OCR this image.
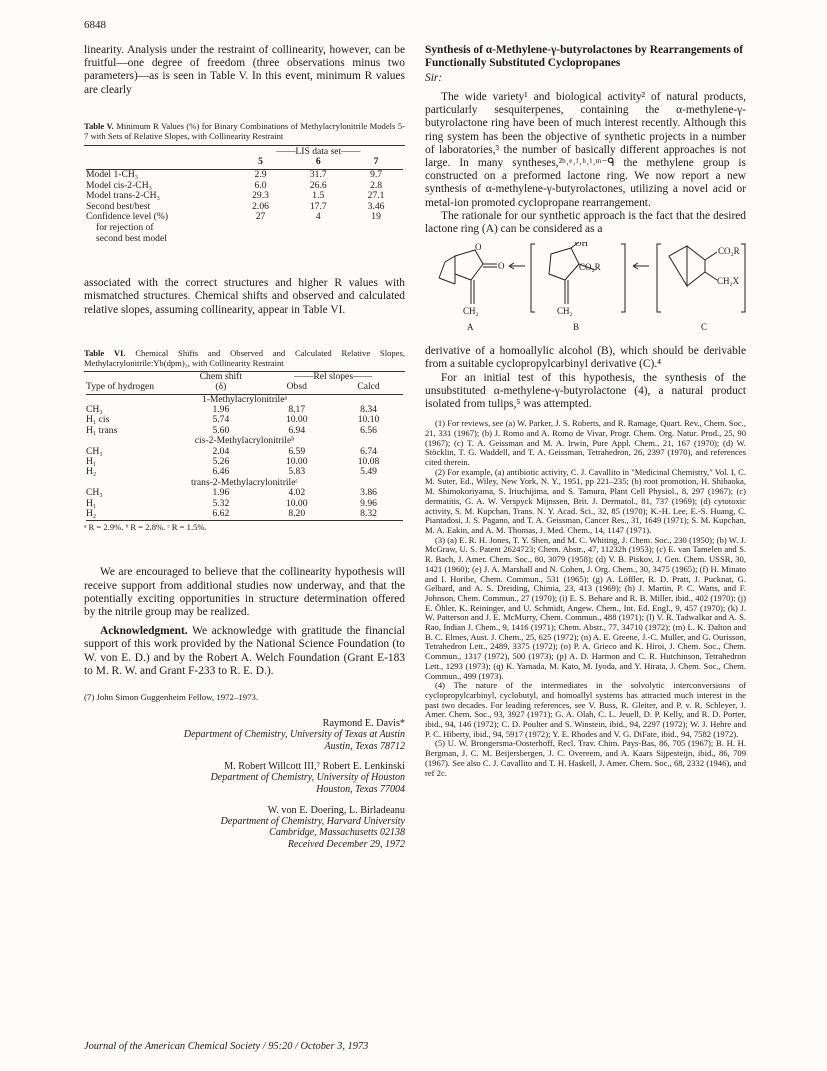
6848

linearity. Analysis under the restraint of collinearity, however, can be fruitful—one degree of freedom (three observations minus two parameters)—as is seen in Table V. In this event, minimum R values are clearly

Table V. Minimum R Values (%) for Binary Combinations of Methylacrylonitrile Models 5-7 with Sets of Relative Slopes, with Collinearity Restraint

	——LIS data set——		
	5	6	7

Model 1-CH₃	2.9	31.7	9.7
Model cis-2-CH₃	6.0	26.6	2.8
Model trans-2-CH₃	29.3	1.5	27.1
Second best/best	2.06	17.7	3.46
Confidence level (%)	27	4	19
for rejection of			
second best model			

associated with the correct structures and higher R values with mismatched structures. Chemical shifts and observed and calculated relative slopes, assuming collinearity, appear in Table VI.

Table VI. Chemical Shifts and Observed and Calculated Relative Slopes, Methylacrylonitrile:Yb(dpm)₃, with Collinearity Restraint

	Chem shift	——Rel slopes——	
Type of hydrogen	(δ)	Obsd	Calcd

1-Methylacrylonitrileᵃ			
CH₃	1.96	8.17	8.34
H₁ cis	5.74	10.00	10.10
H₁ trans	5.60	6.94	6.56
cis-2-Methylacrylonitrileᵇ			
CH₃	2.04	6.59	6.74
H₁	5.26	10.00	10.08
H₂	6.46	5.83	5.49
trans-2-Methylacrylonitrileᶜ			
CH₃	1.96	4.02	3.86
H₁	5.32	10.00	9.96
H₂	6.62	8.20	8.32

ᵃ R = 2.9%. ᵇ R = 2.8%. ᶜ R = 1.5%.

We are encouraged to believe that the collinearity hypothesis will receive support from additional studies now underway, and that the potentially exciting opportunities in structure determination offered by the nitrile group may be realized.

Acknowledgment. We acknowledge with gratitude the financial support of this work provided by the National Science Foundation (to W. von E. D.) and by the Robert A. Welch Foundation (Grant E-183 to M. R. W. and Grant F-233 to R. E. D.).

(7) John Simon Guggenheim Fellow, 1972–1973.

Raymond E. Davis*
Department of Chemistry, University of Texas at Austin
Austin, Texas 78712
M. Robert Willcott III,⁷ Robert E. Lenkinski
Department of Chemistry, University of Houston
Houston, Texas 77004
W. von E. Doering, L. Birladeanu
Department of Chemistry, Harvard University
Cambridge, Massachusetts 02138
Received December 29, 1972
Synthesis of α-Methylene-γ-butyrolactones by Rearrangements of Functionally Substituted Cyclopropanes
Sir:

The wide variety¹ and biological activity² of natural products, particularly sesquiterpenes, containing the α-methylene-γ-butyrolactone ring have been of much interest recently. Although this ring system has been the objective of synthetic projects in a number of laboratories,³ the number of basically different approaches is not large. In many syntheses,²ᵇ˒ᵉ˒ᶠ˒ʰ˒ⁱ˒ᵐ⁻ᑫ the methylene group is constructed on a preformed lactone ring. We now report a new synthesis of α-methylene-γ-butyrolactones, utilizing a novel acid or metal-ion promoted cyclopropane rearrangement.

The rationale for our synthetic approach is the fact that the desired lactone ring (A) can be considered as a

O
O
OH
CO₂R
CO₂R
CH₂X
CH₂	CH₂
A	B	C

derivative of a homoallylic alcohol (B), which should be derivable from a suitable cyclopropylcarbinyl derivative (C).⁴

For an initial test of this hypothesis, the synthesis of the unsubstituted α-methylene-γ-butyrolactone (4), a natural product isolated from tulips,⁵ was attempted.

(1) For reviews, see (a) W. Parker, J. S. Roberts, and R. Ramage, Quart. Rev., Chem. Soc., 21, 331 (1967); (b) J. Romo and A. Romo de Vivar, Progr. Chem. Org. Natur. Prod., 25, 90 (1967); (c) T. A. Geissman and M. A. Irwin, Pure Appl. Chem., 21, 167 (1970); (d) W. Stöcklin, T. G. Waddell, and T. A. Geissman, Tetrahedron, 26, 2397 (1970), and references cited therein.

(2) For example, (a) antibiotic activity, C. J. Cavallito in "Medicinal Chemistry," Vol. I, C. M. Suter, Ed., Wiley, New York, N. Y., 1951, pp 221–235; (b) root promotion, H. Shibaoka, M. Shimokoriyama, S. Iriuchijima, and S. Tamura, Plant Cell Physiol., 8, 297 (1967); (c) dermatitis, G. A. W. Verspyck Mijnssen, Brit. J. Dermatol., 81, 737 (1969); (d) cytotoxic activity, S. M. Kupchan, Trans. N. Y. Acad. Sci., 32, 85 (1970); K.-H. Lee, E.-S. Huang, C. Piantadosi, J. S. Pagano, and T. A. Geissman, Cancer Res., 31, 1649 (1971); S. M. Kupchan, M. A. Eakin, and A. M. Thomas, J. Med. Chem., 14, 1147 (1971).

(3) (a) E. R. H. Jones, T. Y. Shen, and M. C. Whiting, J. Chem. Soc., 230 (1950); (b) W. J. McGraw, U. S. Patent 2624723; Chem. Abstr., 47, 11232h (1953); (c) E. van Tamelen and S. R. Bach, J. Amer. Chem. Soc., 80, 3079 (1958); (d) V. B. Piskov, J. Gen. Chem. USSR, 30, 1421 (1960); (e) J. A. Marshall and N. Cohen, J. Org. Chem., 30, 3475 (1965); (f) H. Minato and I. Horibe, Chem. Commun., 531 (1965); (g) A. Löffler, R. D. Pratt, J. Pucknat, G. Gelbard, and A. S. Dreiding, Chimia, 23, 413 (1969); (h) J. Martin, P. C. Watts, and F. Johnson, Chem. Commun., 27 (1970); (i) E. S. Behare and R. B. Miller, ibid., 402 (1970); (j) E. Öhler, K. Reininger, and U. Schmidt, Angew. Chem., Int. Ed. Engl., 9, 457 (1970); (k) J. W. Patterson and J. E. McMurry, Chem. Commun., 488 (1971); (l) V. R. Tadwalkar and A. S. Rao, Indian J. Chem., 9, 1416 (1971); Chem. Abstr., 77, 34710 (1972); (m) L. K. Dalton and B. C. Elmes, Aust. J. Chem., 25, 625 (1972); (n) A. E. Greene, J.-C. Muller, and G. Ourisson, Tetrahedron Lett., 2489, 3375 (1972); (o) P. A. Grieco and K. Hiroi, J. Chem. Soc., Chem. Commun., 1317 (1972), 500 (1973); (p) A. D. Harmon and C. R. Hutchinson, Tetrahedron Lett., 1293 (1973); (q) K. Yamada, M. Kato, M. Iyoda, and Y. Hirata, J. Chem. Soc., Chem. Commun., 499 (1973).

(4) The nature of the intermediates in the solvolytic interconversions of cyclopropylcarbinyl, cyclobutyl, and homoallyl systems has attracted much interest in the past two decades. For leading references, see V. Buss, R. Gleiter, and P. v. R. Schleyer, J. Amer. Chem. Soc., 93, 3927 (1971); G. A. Olah, C. L. Jeuell, D. P. Kelly, and R. D. Porter, ibid., 94, 146 (1972); C. D. Poulter and S. Winstein, ibid., 94, 2297 (1972); W. J. Hehre and P. C. Hiberty, ibid., 94, 5917 (1972); Y. E. Rhodes and V. G. DiFate, ibid., 94, 7582 (1972).

(5) U. W. Brongersma-Oosterhoff, Recl. Trav. Chim. Pays-Bas, 86, 705 (1967); B. H. H. Bergman, J. C. M. Beijersbergen, J. C. Overeem, and A. Kaars Sijpesteijn, ibid., 86, 709 (1967). See also C. J. Cavallito and T. H. Haskell, J. Amer. Chem. Soc., 68, 2332 (1946), and ref 2c.

Journal of the American Chemical Society / 95:20 / October 3, 1973
